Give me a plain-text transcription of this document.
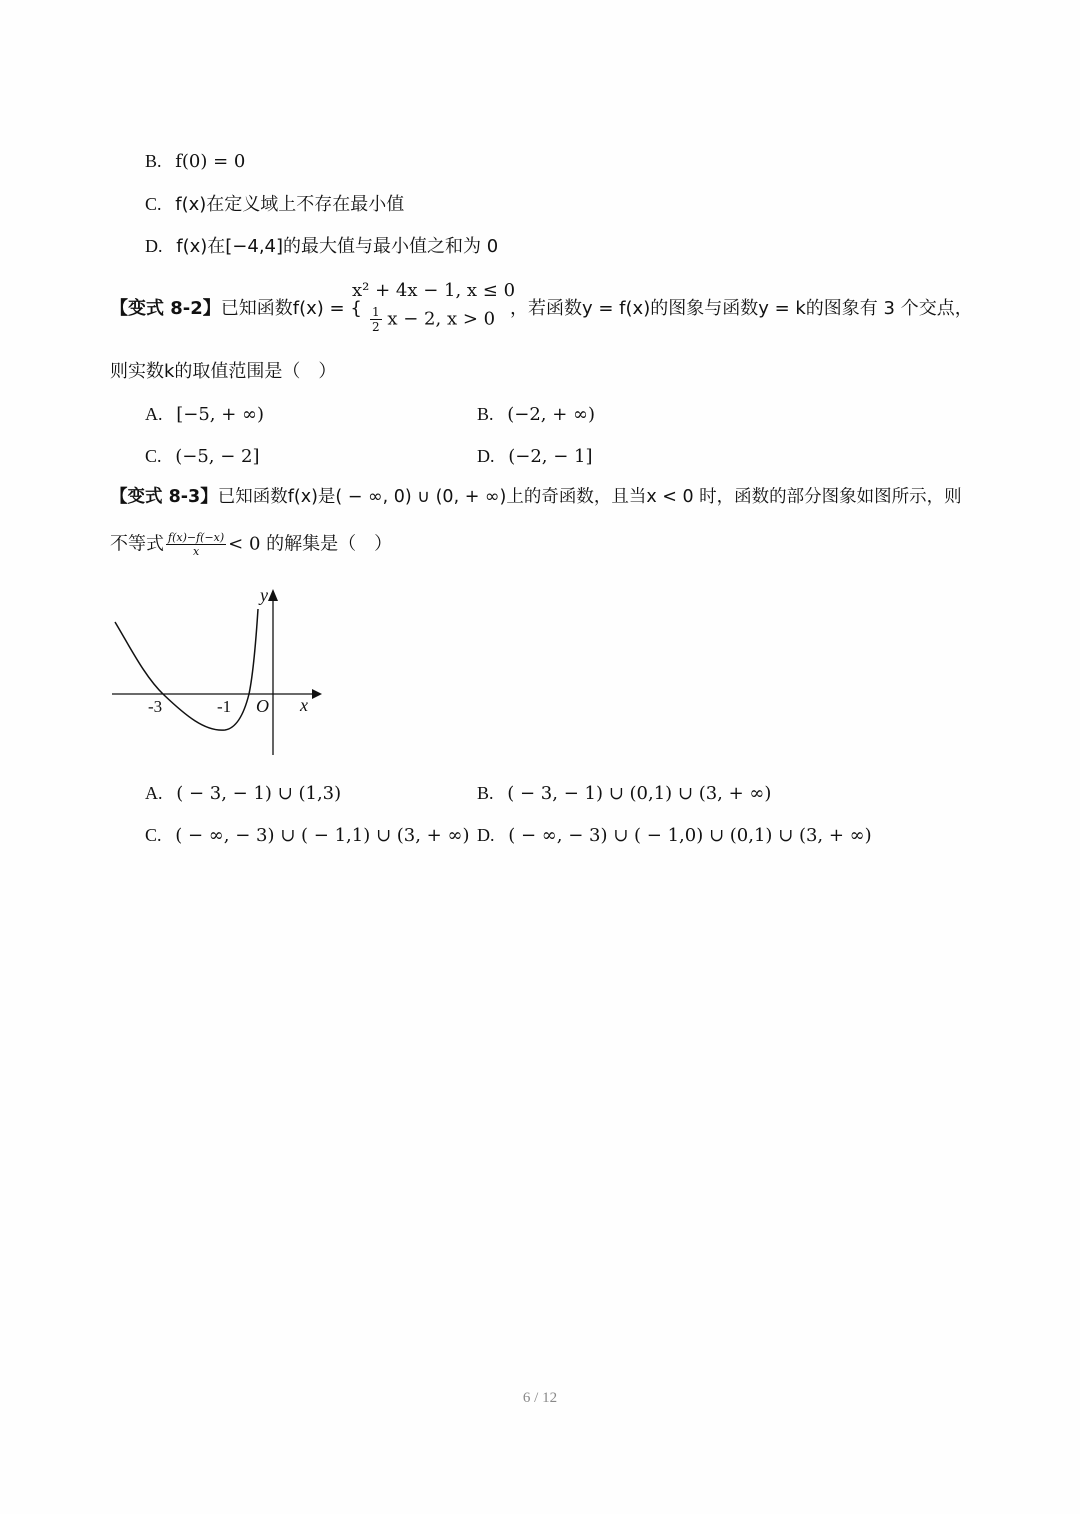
B. f(0) = 0
C. f(x)在定义域上不存在最小值
D. f(x)在[−4,4]的最大值与最小值之和为 0
【变式 8-2】已知函数f(x) = {
x² + 4x − 1, x ≤ 0
$\frac{1}{2}$ x − 2, x > 0 ，若函数y = f(x)的图象与函数y = k的图象有 3 个交点，
则实数k的取值范围是（　）
A. [−5, + ∞)	B. (−2, + ∞)
C. (−5, − 2]	D. (−2, − 1]
【变式 8-3】已知函数f(x)是( − ∞, 0) ∪ (0, + ∞)上的奇函数，且当x < 0 时，函数的部分图象如图所示，则
不等式 $\frac{f(x)-f(-x)}{x} < 0$ 的解集是（　）
y
x
O
-3	-1
A. ( − 3, − 1) ∪ (1,3)	B. ( − 3, − 1) ∪ (0,1) ∪ (3, + ∞)
C. ( − ∞, − 3) ∪ ( − 1,1) ∪ (3, + ∞) D. ( − ∞, − 3) ∪ ( − 1,0) ∪ (0,1) ∪ (3, + ∞)
6 / 12
